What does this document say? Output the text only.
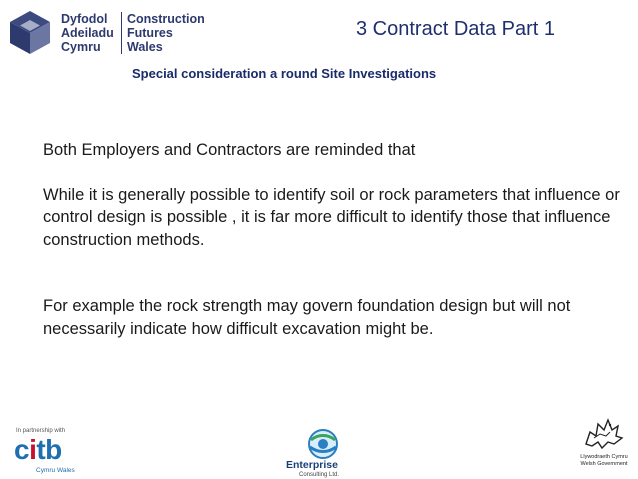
Dyfodol
Adeiladu
Cymru
Construction
Futures
Wales
3 Contract Data Part 1
Special consideration a round Site Investigations

Both Employers and Contractors are reminded that

While it is generally possible to identify soil or rock parameters that influence or control design is possible , it is far more difficult to identify those that influence construction methods.

For example the rock strength may govern foundation design but will not necessarily indicate how difficult excavation might be.

In partnership with
citb
Cymru Wales	Enterprise
Consulting Ltd.
Llywodraeth Cymru
Welsh Government
